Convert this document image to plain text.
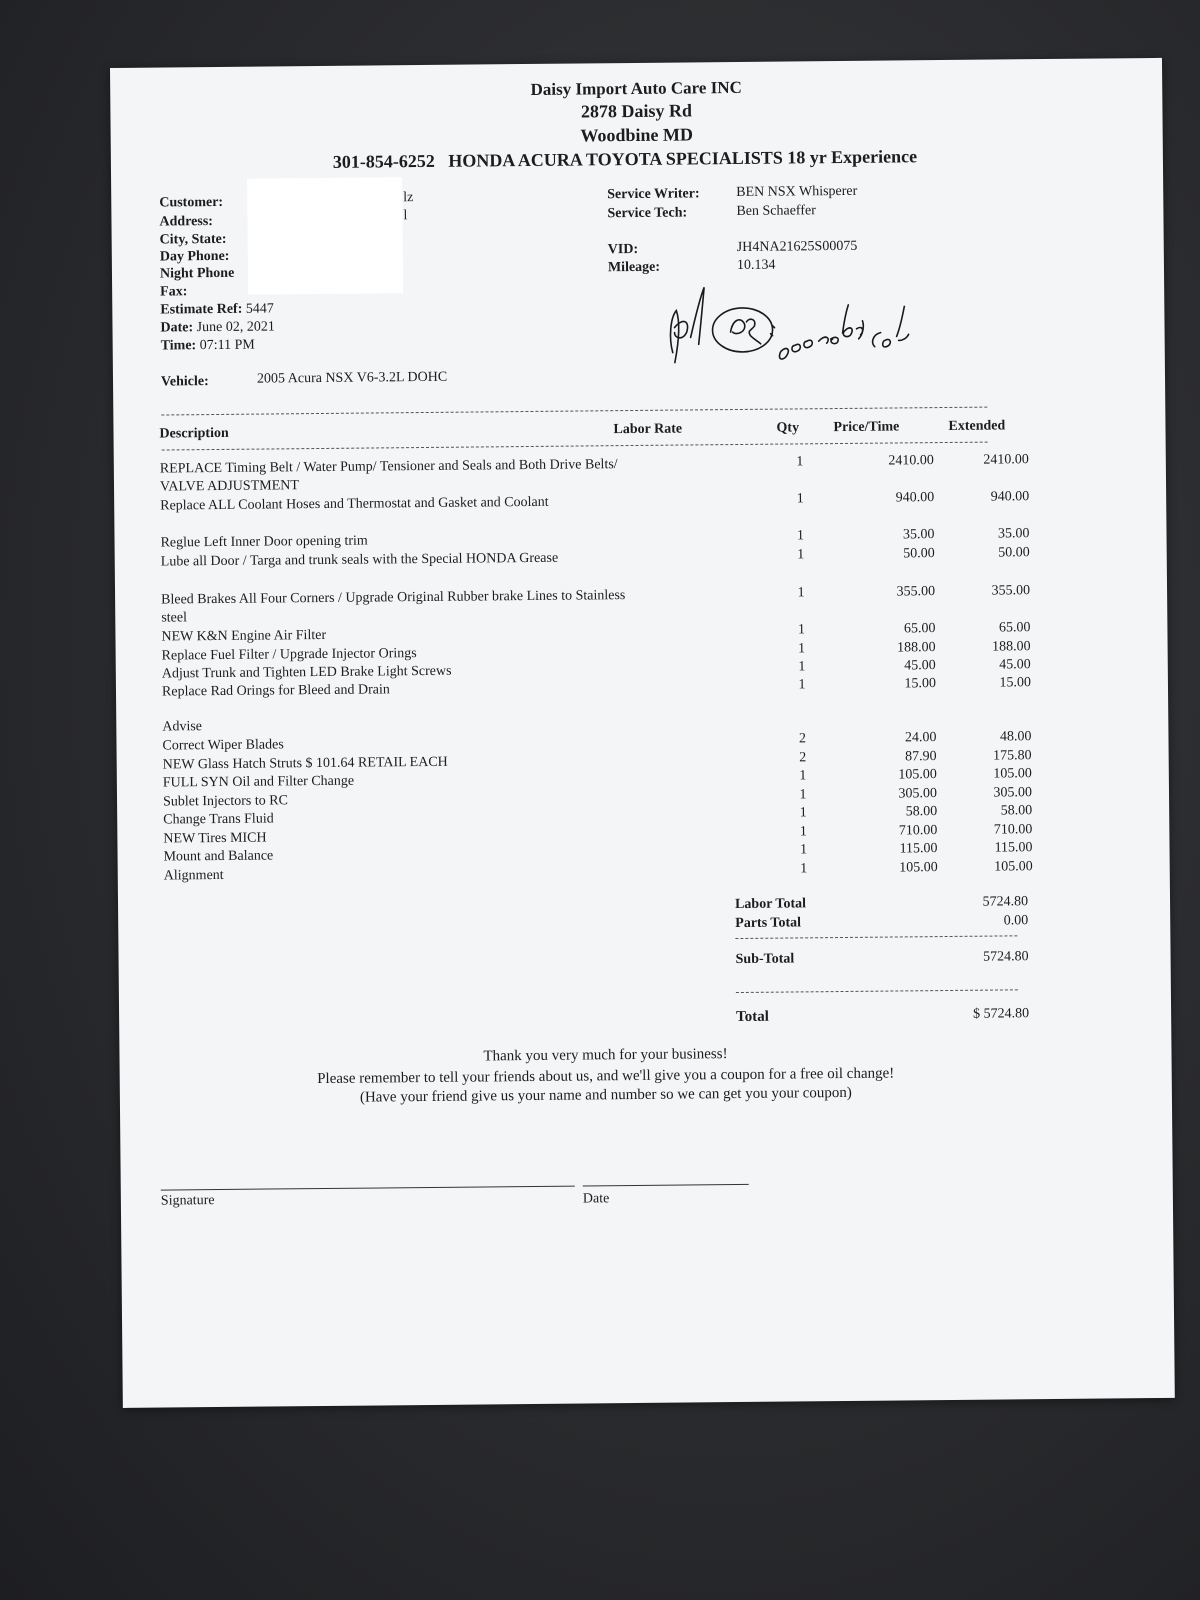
Daisy Import Auto Care INC
2878 Daisy Rd
Woodbine MD
301-854-6252 HONDA ACURA TOYOTA SPECIALISTS 18 yr Experience
Customer:
Address:
City, State:
Day Phone:
Night Phone
Fax:
lz
l
Estimate Ref: 5447
Date: June 02, 2021
Time: 07:11 PM
Vehicle:	2005 Acura NSX V6-3.2L DOHC
Service Writer:	BEN NSX Whisperer
Service Tech:	Ben Schaeffer
VID:	JH4NA21625S00075
Mileage:	10.134
Description	Labor Rate	Qty Price/Time	Extended
REPLACE Timing Belt / Water Pump/ Tensioner and Seals and Both Drive Belts/ VALVE ADJUSTMENT
1	2410.00	2410.00
Replace ALL Coolant Hoses and Thermostat and Gasket and Coolant	1	940.00	940.00
Reglue Left Inner Door opening trim	1	35.00	35.00
Lube all Door / Targa and trunk seals with the Special HONDA Grease	1	50.00	50.00
Bleed Brakes All Four Corners / Upgrade Original Rubber brake Lines to Stainless steel
1	355.00	355.00
NEW K&N Engine Air Filter	1	65.00	65.00
Replace Fuel Filter / Upgrade Injector Orings	1	188.00	188.00
Adjust Trunk and Tighten LED Brake Light Screws	1	45.00	45.00
Replace Rad Orings for Bleed and Drain	1	15.00	15.00
Advise
Correct Wiper Blades	2	24.00	48.00
NEW Glass Hatch Struts $ 101.64 RETAIL EACH	2	87.90	175.80
FULL SYN Oil and Filter Change	1	105.00	105.00
Sublet Injectors to RC	1	305.00	305.00
Change Trans Fluid	1	58.00	58.00
NEW Tires MICH	1	710.00	710.00
Mount and Balance	1	115.00	115.00
Alignment	1	105.00	105.00
Labor Total	5724.80
Parts Total	0.00
Sub-Total	5724.80
Total	$ 5724.80
Thank you very much for your business!
Please remember to tell your friends about us, and we'll give you a coupon for a free oil change!
(Have your friend give us your name and number so we can get you your coupon)
Signature	Date
